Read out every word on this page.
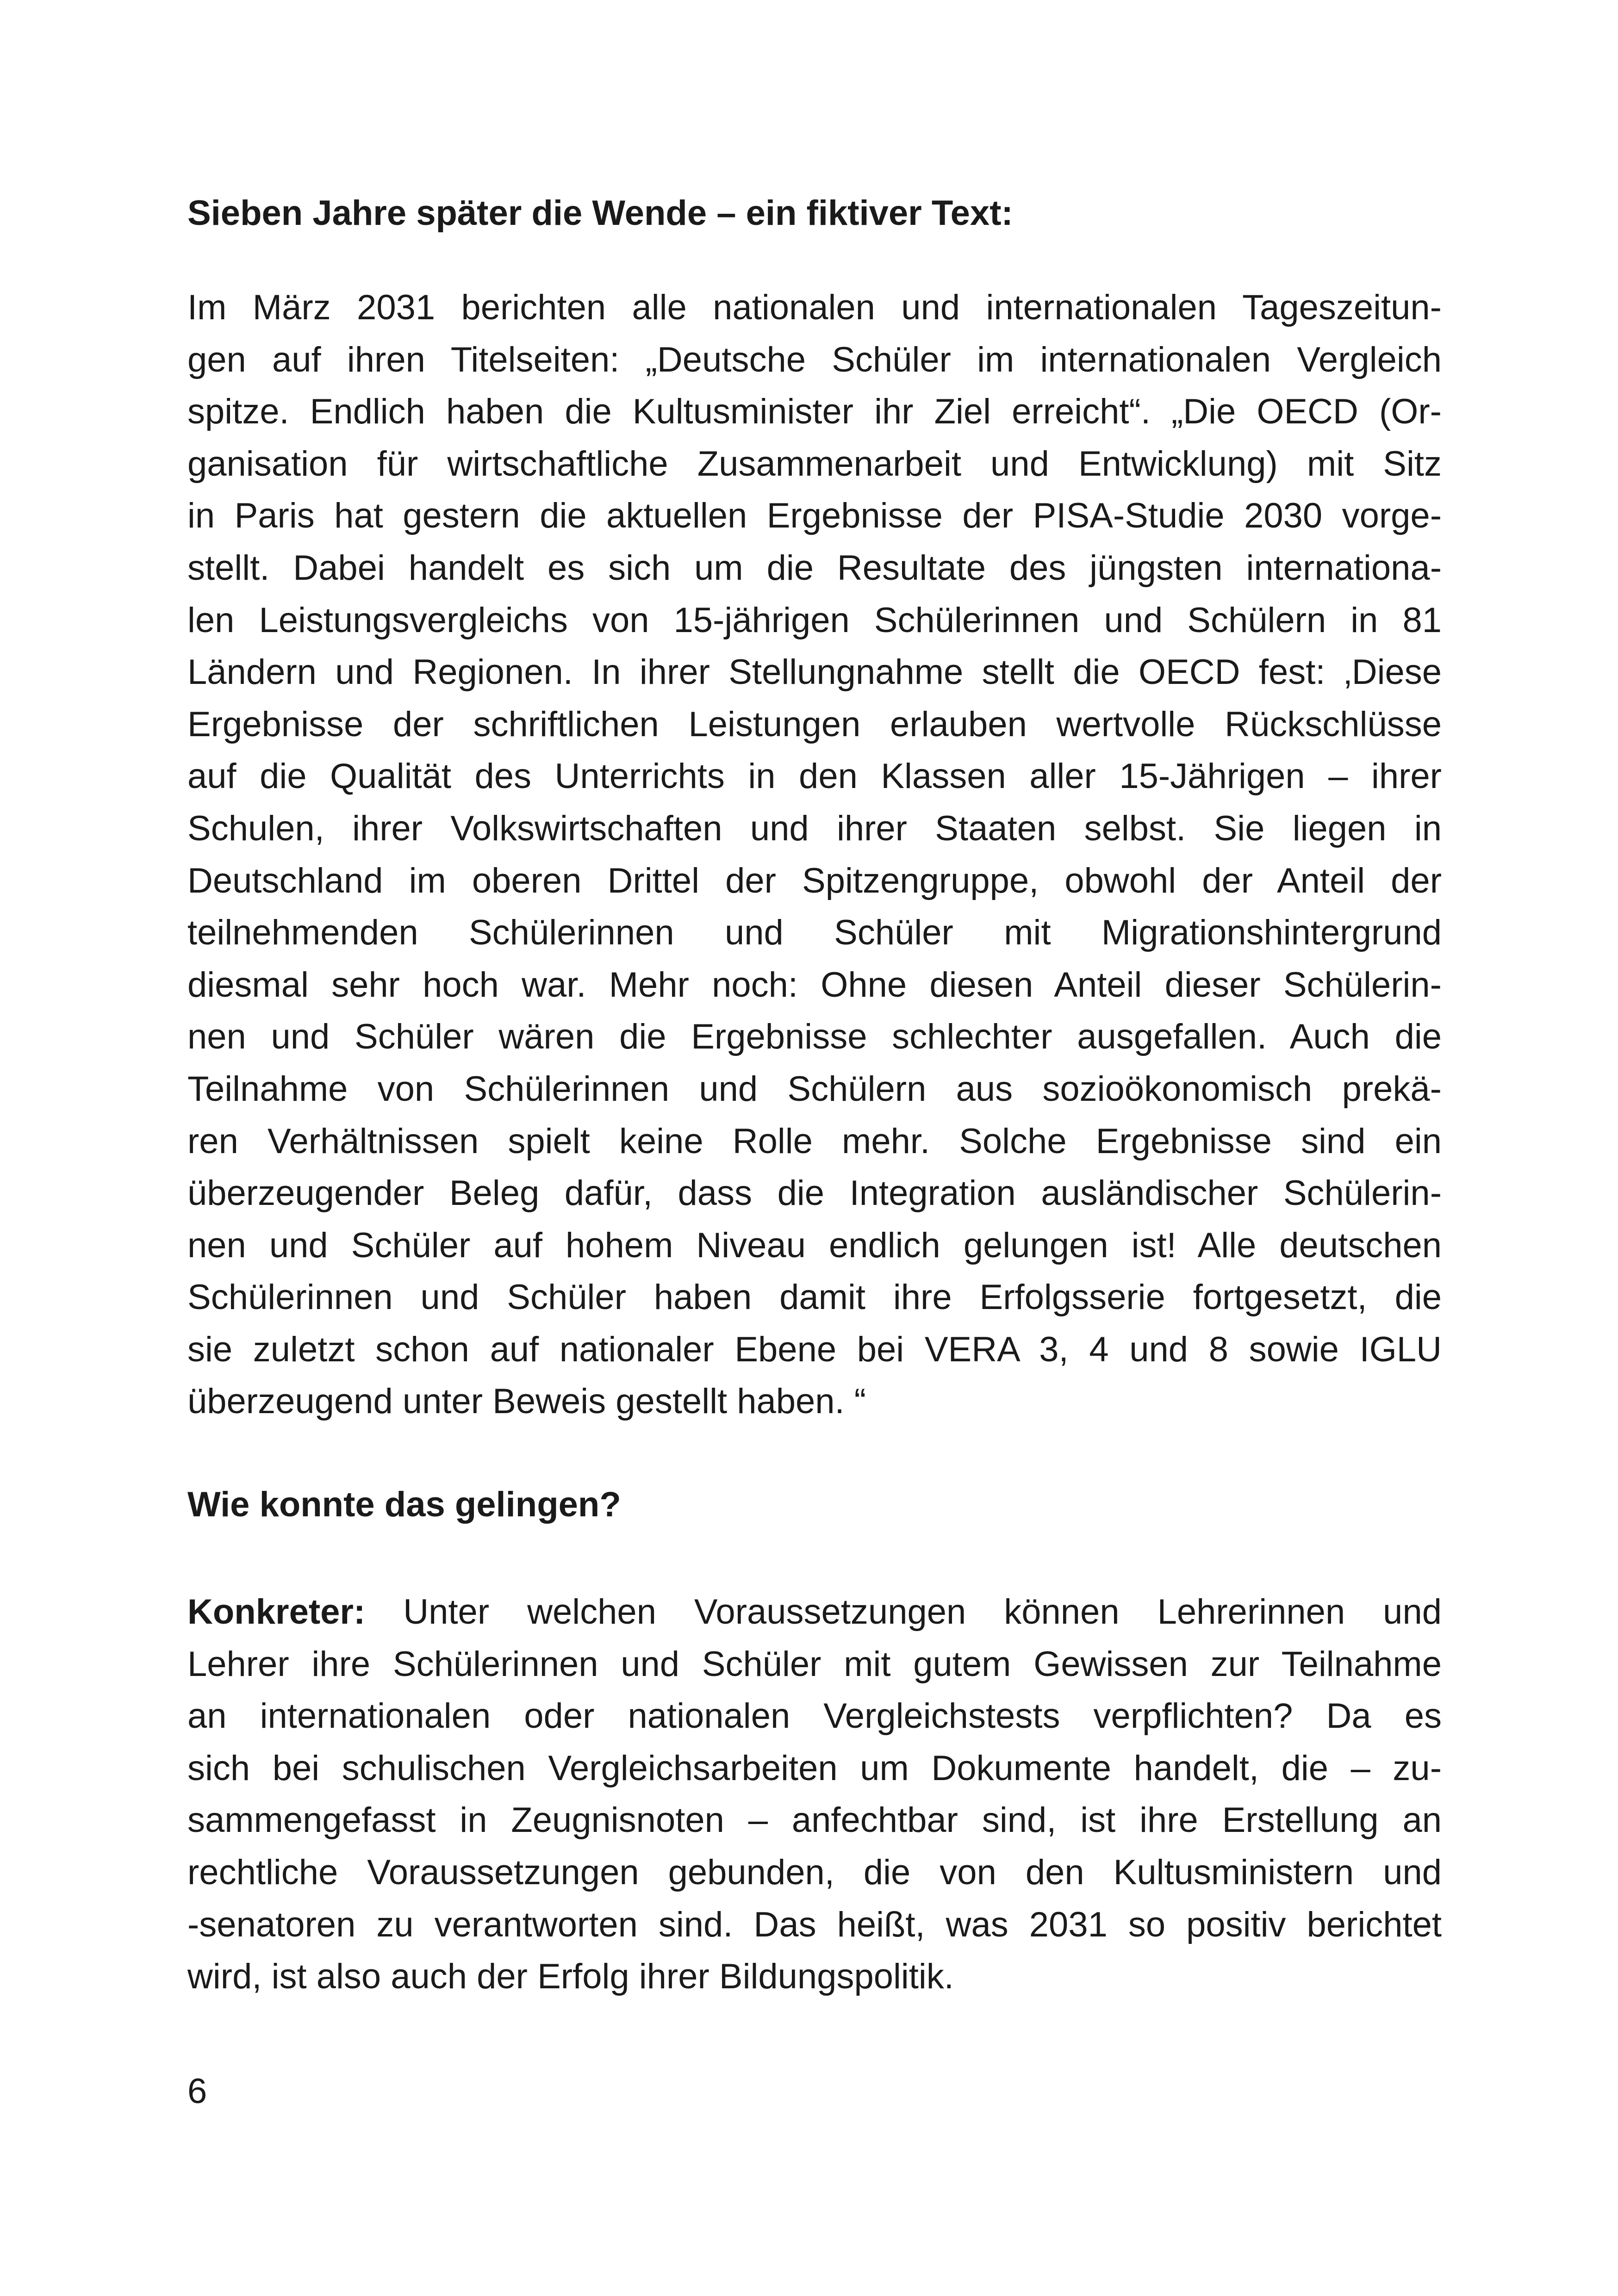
Sieben Jahre später die Wende – ein fiktiver Text:
Im März 2031 berichten alle nationalen und internationalen Tageszeitun-
gen auf ihren Titelseiten: „Deutsche Schüler im internationalen Vergleich
spitze. Endlich haben die Kultusminister ihr Ziel erreicht“. „Die OECD (Or-
ganisation für wirtschaftliche Zusammenarbeit und Entwicklung) mit Sitz
in Paris hat gestern die aktuellen Ergebnisse der PISA-Studie 2030 vorge-
stellt. Dabei handelt es sich um die Resultate des jüngsten internationa-
len Leistungsvergleichs von 15-jährigen Schülerinnen und Schülern in 81
Ländern und Regionen. In ihrer Stellungnahme stellt die OECD fest: ‚Diese
Ergebnisse der schriftlichen Leistungen erlauben wertvolle Rückschlüsse
auf die Qualität des Unterrichts in den Klassen aller 15-Jährigen – ihrer
Schulen, ihrer Volkswirtschaften und ihrer Staaten selbst. Sie liegen in
Deutschland im oberen Drittel der Spitzengruppe, obwohl der Anteil der
teilnehmenden Schülerinnen und Schüler mit Migrationshintergrund
diesmal sehr hoch war. Mehr noch: Ohne diesen Anteil dieser Schülerin-
nen und Schüler wären die Ergebnisse schlechter ausgefallen. Auch die
Teilnahme von Schülerinnen und Schülern aus sozioökonomisch prekä-
ren Verhältnissen spielt keine Rolle mehr. Solche Ergebnisse sind ein
überzeugender Beleg dafür, dass die Integration ausländischer Schülerin-
nen und Schüler auf hohem Niveau endlich gelungen ist! Alle deutschen
Schülerinnen und Schüler haben damit ihre Erfolgsserie fortgesetzt, die
sie zuletzt schon auf nationaler Ebene bei VERA 3, 4 und 8 sowie IGLU
überzeugend unter Beweis gestellt haben. “
Wie konnte das gelingen?
Konkreter: Unter welchen Voraussetzungen können Lehrerinnen und
Lehrer ihre Schülerinnen und Schüler mit gutem Gewissen zur Teilnahme
an internationalen oder nationalen Vergleichstests verpflichten? Da es
sich bei schulischen Vergleichsarbeiten um Dokumente handelt, die – zu-
sammengefasst in Zeugnisnoten – anfechtbar sind, ist ihre Erstellung an
rechtliche Voraussetzungen gebunden, die von den Kultusministern und
-senatoren zu verantworten sind. Das heißt, was 2031 so positiv berichtet
wird, ist also auch der Erfolg ihrer Bildungspolitik.

6
